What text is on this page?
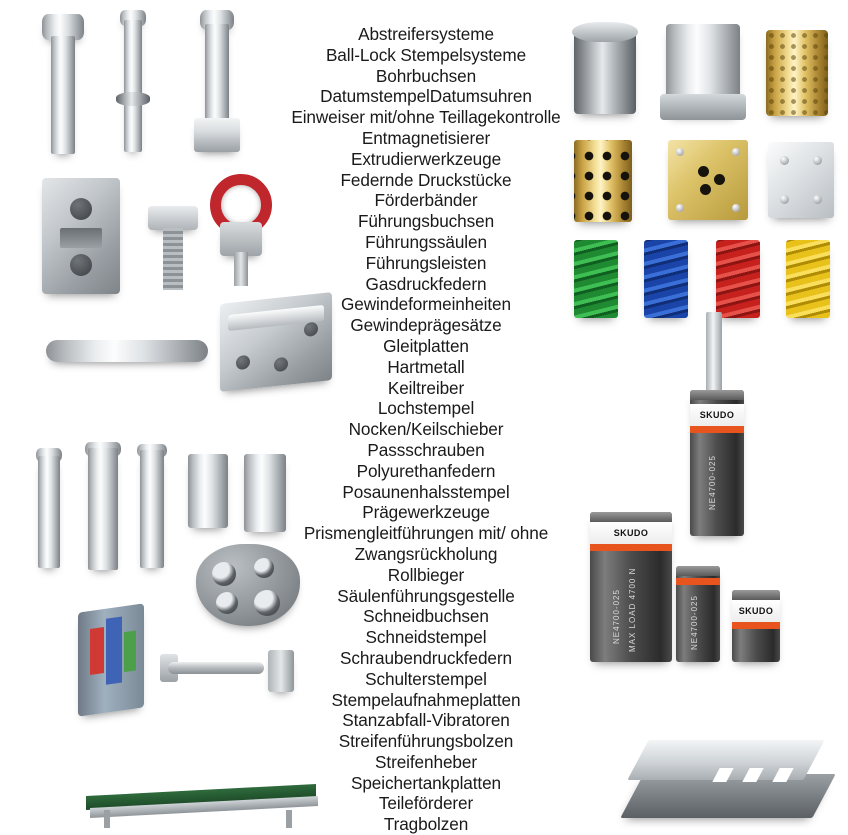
Abstreifersysteme
Ball-Lock Stempelsysteme
Bohrbuchsen
DatumstempelDatumsuhren
Einweiser mit/ohne Teillagekontrolle
Entmagnetisierer
Extrudierwerkzeuge
Federnde Druckstücke
Förderbänder
Führungsbuchsen
Führungssäulen
Führungsleisten
Gasdruckfedern
Gewindeformeinheiten
Gewindeprägesätze
Gleitplatten
Hartmetall
Keiltreiber
Lochstempel
Nocken/Keilschieber
Passschrauben
Polyurethanfedern
Posaunenhalsstempel
Prägewerkzeuge
Prismengleitführungen mit/ ohne Zwangsrückholung
Rollbieger
Säulenführungsgestelle
Schneidbuchsen
Schneidstempel
Schraubendruckfedern
Schulterstempel
Stempelaufnahmeplatten
Stanzabfall-Vibratoren
Streifenführungsbolzen
Streifenheber
Speichertankplatten
Teileförderer
Tragbolzen
SKUDO
NE4700-025
SKUDO
NE4700-025 MAX LOAD 4700 N	NE4700-025	SKUDO
